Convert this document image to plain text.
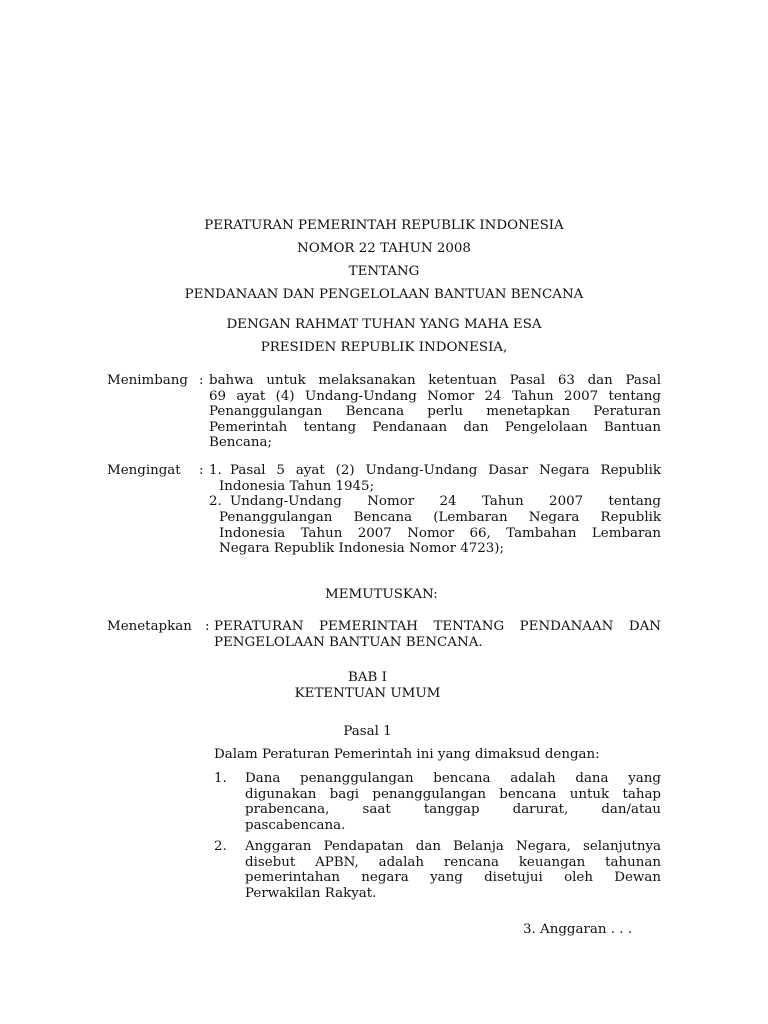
PERATURAN PEMERINTAH REPUBLIK INDONESIA
NOMOR 22 TAHUN 2008
TENTANG
PENDANAAN DAN PENGELOLAAN BANTUAN BENCANA
DENGAN RAHMAT TUHAN YANG MAHA ESA
PRESIDEN REPUBLIK INDONESIA,
Menimbang : bahwa untuk melaksanakan ketentuan Pasal 63 dan Pasal
69 ayat (4) Undang-Undang Nomor 24 Tahun 2007 tentang
Penanggulangan Bencana perlu menetapkan Peraturan
Pemerintah tentang Pendanaan dan Pengelolaan Bantuan
Bencana;
Mengingat : 1. Pasal 5 ayat (2) Undang-Undang Dasar Negara Republik
Indonesia Tahun 1945;
2. Undang-Undang Nomor 24 Tahun 2007 tentang
Penanggulangan Bencana (Lembaran Negara Republik
Indonesia Tahun 2007 Nomor 66, Tambahan Lembaran
Negara Republik Indonesia Nomor 4723);
MEMUTUSKAN:
Menetapkan : PERATURAN PEMERINTAH TENTANG PENDANAAN DAN
PENGELOLAAN BANTUAN BENCANA.
BAB I
KETENTUAN UMUM
Pasal 1
Dalam Peraturan Pemerintah ini yang dimaksud dengan:
1. Dana penanggulangan bencana adalah dana yang
digunakan bagi penanggulangan bencana untuk tahap
prabencana, saat tanggap darurat, dan/atau
pascabencana.
2. Anggaran Pendapatan dan Belanja Negara, selanjutnya
disebut APBN, adalah rencana keuangan tahunan
pemerintahan negara yang disetujui oleh Dewan
Perwakilan Rakyat.
3. Anggaran . . .
